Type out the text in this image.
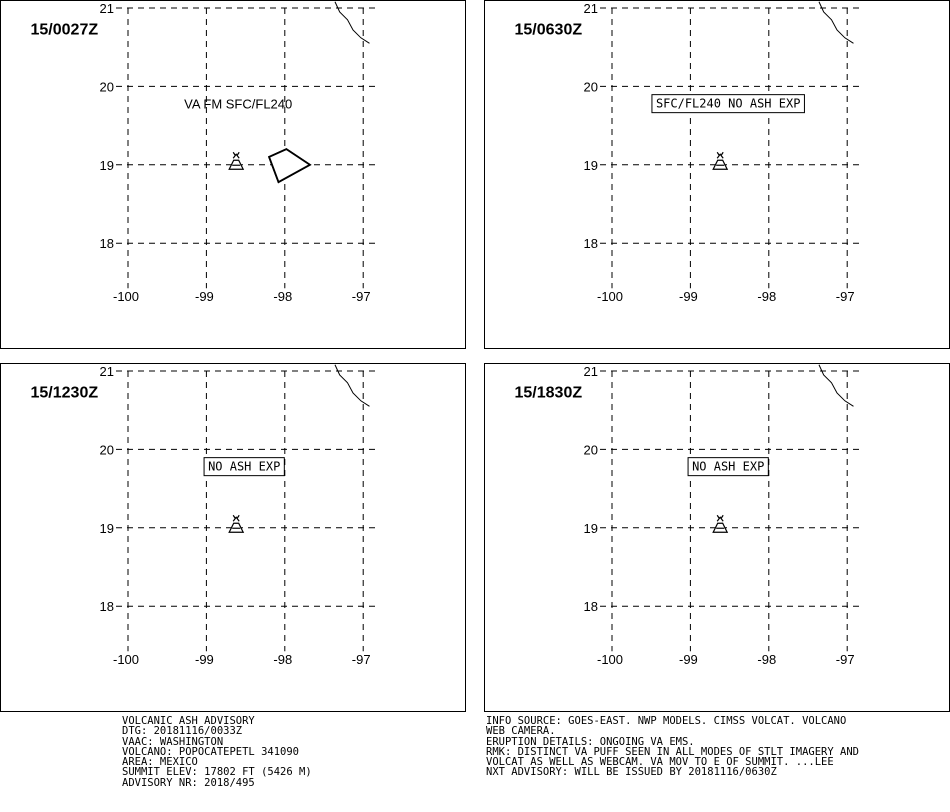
21
20
19
18
-100	-99	-98	-97
15/0027Z
VA FM SFC/FL240
21
20
19
18
-100	-99	-98	-97
15/0630Z
SFC/FL240 NO ASH EXP
21
20
19
18
-100	-99	-98	-97
15/1230Z
NO ASH EXP
21
20
19
18
-100	-99	-98	-97
15/1830Z
NO ASH EXP
VOLCANIC ASH ADVISORY
DTG: 20181116/0033Z
VAAC: WASHINGTON
VOLCANO: POPOCATEPETL 341090
AREA: MEXICO
SUMMIT ELEV: 17802 FT (5426 M)
ADVISORY NR: 2018/495
INFO SOURCE: GOES-EAST. NWP MODELS. CIMSS VOLCAT. VOLCANO
WEB CAMERA.
ERUPTION DETAILS: ONGOING VA EMS.
RMK: DISTINCT VA PUFF SEEN IN ALL MODES OF STLT IMAGERY AND
VOLCAT AS WELL AS WEBCAM. VA MOV TO E OF SUMMIT. ...LEE
NXT ADVISORY: WILL BE ISSUED BY 20181116/0630Z
